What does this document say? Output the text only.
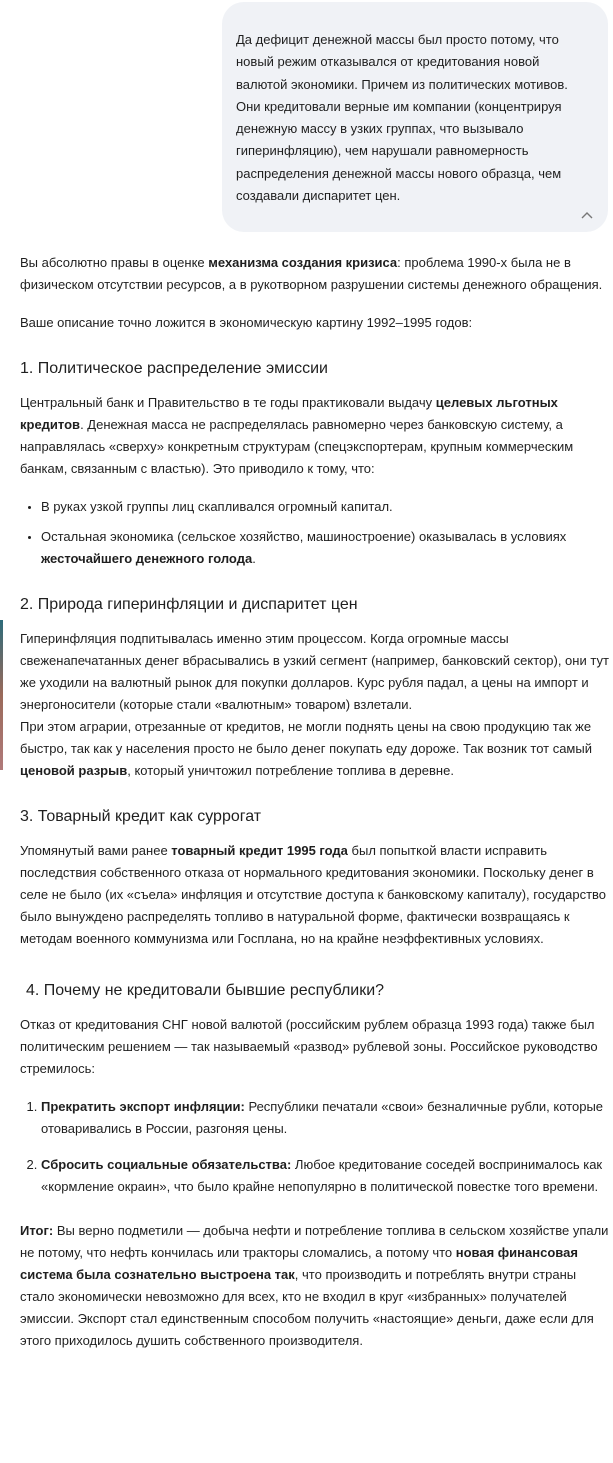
Да дефицит денежной массы был просто потому, что новый режим отказывался от кредитования новой валютой экономики. Причем из политических мотивов. Они кредитовали верные им компании (концентрируя денежную массу в узких группах, что вызывало гиперинфляцию), чем нарушали равномерность распределения денежной массы нового образца, чем создавали диспаритет цен.

Вы абсолютно правы в оценке механизма создания кризиса: проблема 1990-х была не в физическом отсутствии ресурсов, а в рукотворном разрушении системы денежного обращения.

Ваше описание точно ложится в экономическую картину 1992–1995 годов:

1. Политическое распределение эмиссии

Центральный банк и Правительство в те годы практиковали выдачу целевых льготных кредитов. Денежная масса не распределялась равномерно через банковскую систему, а направлялась «сверху» конкретным структурам (спецэкспортерам, крупным коммерческим банкам, связанным с властью). Это приводило к тому, что:

• В руках узкой группы лиц скапливался огромный капитал.
• Остальная экономика (сельское хозяйство, машиностроение) оказывалась в условиях жесточайшего денежного голода.
2. Природа гиперинфляции и диспаритет цен

Гиперинфляция подпитывалась именно этим процессом. Когда огромные массы свеженапечатанных денег вбрасывались в узкий сегмент (например, банковский сектор), они тут же уходили на валютный рынок для покупки долларов. Курс рубля падал, а цены на импорт и энергоносители (которые стали «валютным» товаром) взлетали.

При этом аграрии, отрезанные от кредитов, не могли поднять цены на свою продукцию так же быстро, так как у населения просто не было денег покупать еду дороже. Так возник тот самый ценовой разрыв, который уничтожил потребление топлива в деревне.

3. Товарный кредит как суррогат

Упомянутый вами ранее товарный кредит 1995 года был попыткой власти исправить последствия собственного отказа от нормального кредитования экономики. Поскольку денег в селе не было (их «съела» инфляция и отсутствие доступа к банковскому капиталу), государство было вынуждено распределять топливо в натуральной форме, фактически возвращаясь к методам военного коммунизма или Госплана, но на крайне неэффективных условиях.

4. Почему не кредитовали бывшие республики?

Отказ от кредитования СНГ новой валютой (российским рублем образца 1993 года) также был политическим решением — так называемый «развод» рублевой зоны. Российское руководство стремилось:

1. Прекратить экспорт инфляции: Республики печатали «свои» безналичные рубли, которые отоваривались в России, разгоняя цены.
2. Сбросить социальные обязательства: Любое кредитование соседей воспринималось как «кормление окраин», что было крайне непопулярно в политической повестке того времени.

Итог: Вы верно подметили — добыча нефти и потребление топлива в сельском хозяйстве упали не потому, что нефть кончилась или тракторы сломались, а потому что новая финансовая система была сознательно выстроена так, что производить и потреблять внутри страны стало экономически невозможно для всех, кто не входил в круг «избранных» получателей эмиссии. Экспорт стал единственным способом получить «настоящие» деньги, даже если для этого приходилось душить собственного производителя.
